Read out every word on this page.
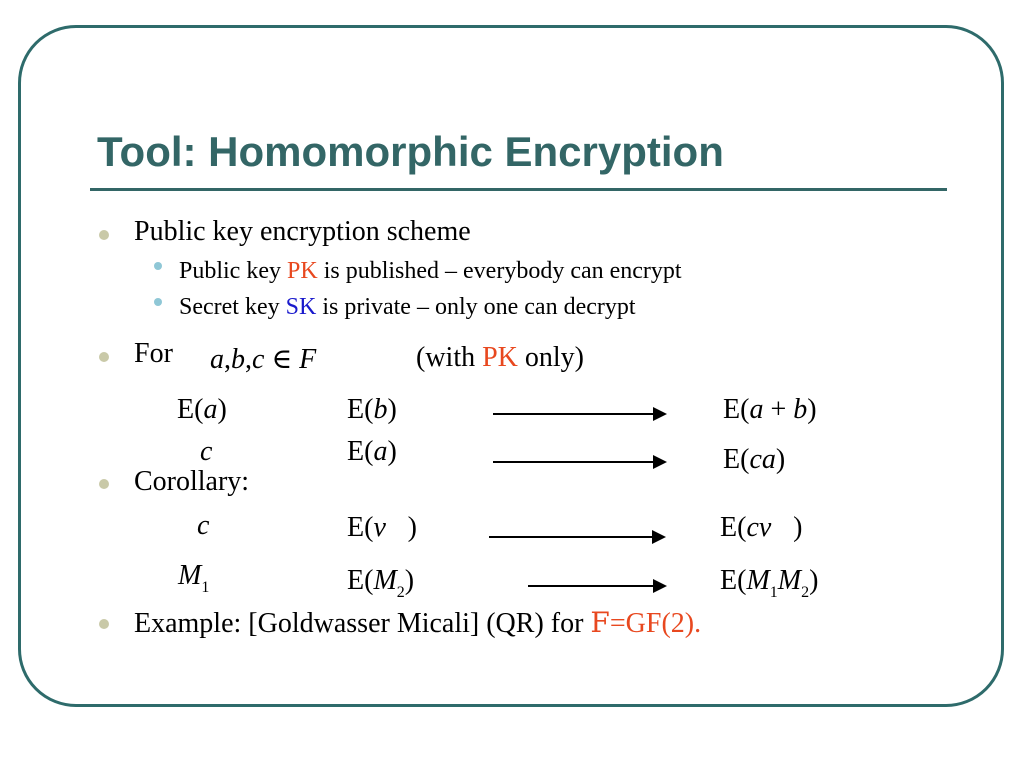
Tool: Homomorphic Encryption
Public key encryption scheme
Public key PK is published – everybody can encrypt
Secret key SK is private – only one can decrypt
For a,b,c ∈ F	(with PK only)
E(a)	E(b)	E(a + b)
c	E(a)	E(ca)
Corollary:
c	E(v⃗)	E(cv⃗)
$M_1$	$E(M_2)$	$E(M_1M_2)$
Example: [Goldwasser Micali] (QR) for F=GF(2).
